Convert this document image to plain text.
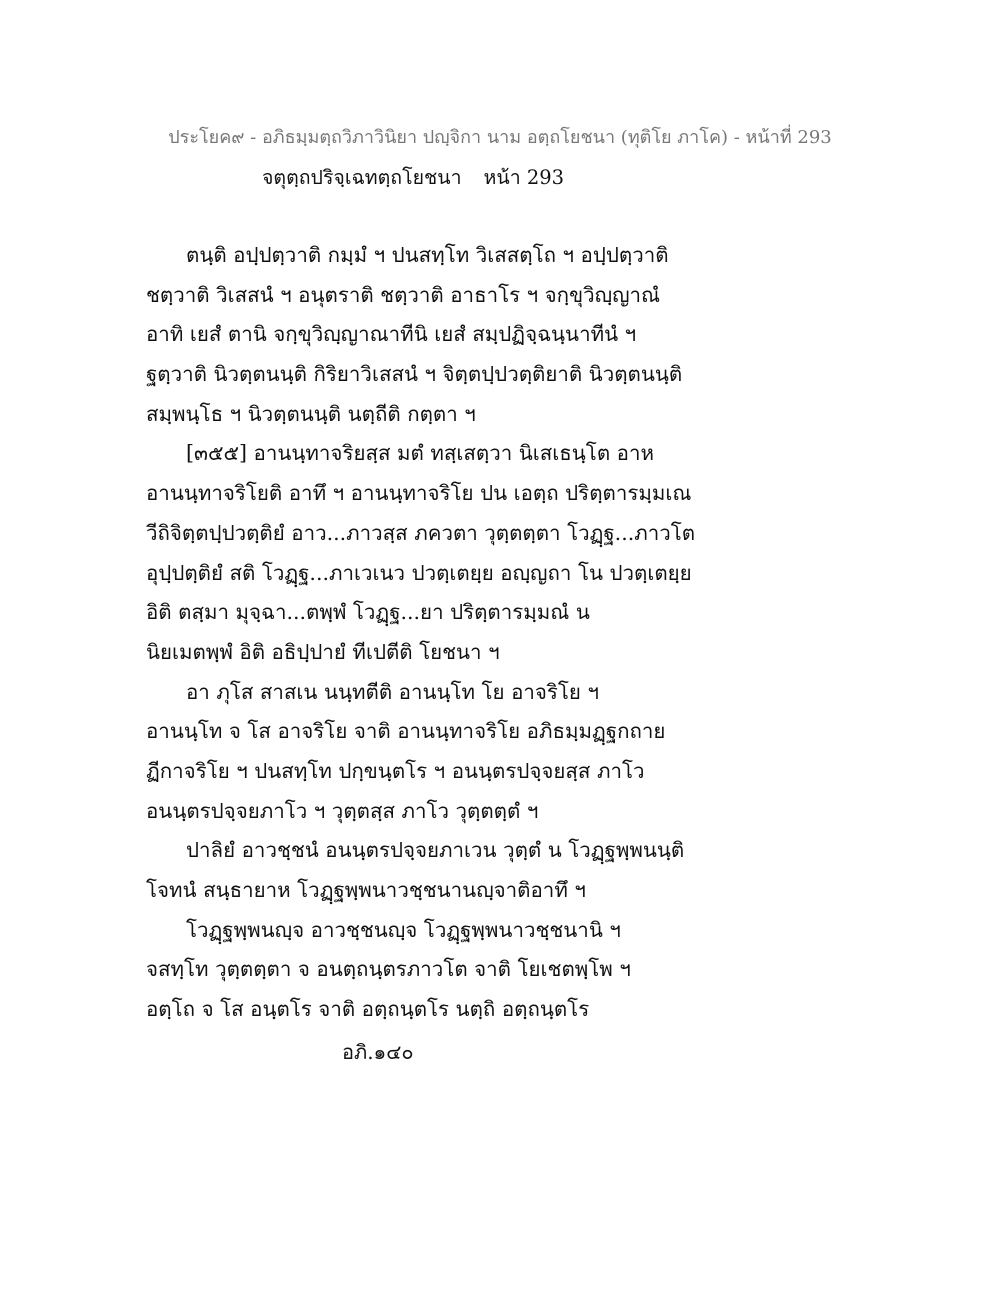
ประโยค๙ - อภิธมฺมตฺถวิภาวินิยา ปญฺจิกา นาม อตฺถโยชนา (ทุติโย ภาโค) - หน้าที่ 293
จตุตฺถปริจฺเฉทตฺถโยชนา หน้า 293
ตนฺติ อปฺปตฺวาติ กมฺมํ ฯ ปนสทฺโท วิเสสตฺโถ ฯ อปฺปตฺวาติ
ชตฺวาติ วิเสสนํ ฯ อนุตราติ ชตฺวาติ อาธาโร ฯ จกฺขุวิญฺญาณํ
อาทิ เยสํ ตานิ จกฺขุวิญฺญาณาทีนิ เยสํ สมฺปฏิจฺฉนฺนาทีนํ ฯ
ฐตฺวาติ นิวตฺตนนฺติ กิริยาวิเสสนํ ฯ จิตฺตปฺปวตฺติยาติ นิวตฺตนนฺติ
สมฺพนฺโธ ฯ นิวตฺตนนฺติ นตฺถีติ กตฺตา ฯ
[๓๕๕] อานนฺทาจริยสฺส มตํ ทสฺเสตฺวา นิเสเธนฺโต อาห
อานนฺทาจริโยติ อาทึ ฯ อานนฺทาจริโย ปน เอตฺถ ปริตฺตารมฺมเณ
วีถิจิตฺตปฺปวตฺติยํ อาว...ภาวสฺส ภควตา วุตฺตตฺตา โวฏฺฐ...ภาวโต
อุปฺปตฺติยํ สติ โวฏฺฐ...ภาเวเนว ปวตฺเตยฺย อญฺญถา โน ปวตฺเตยฺย
อิติ ตสฺมา มุจฺฉา...ตพฺพํ โวฏฺฐ...ยา ปริตฺตารมฺมณํ น
นิยเมตพฺพํ อิติ อธิปฺปายํ ทีเปตีติ โยชนา ฯ
อา ภุโส สาสเน นนฺทตีติ อานนฺโท โย อาจริโย ฯ
อานนฺโท จ โส อาจริโย จาติ อานนฺทาจริโย อภิธมฺมฏฺฐกถาย
ฏีกาจริโย ฯ ปนสทฺโท ปกฺขนฺตโร ฯ อนนฺตรปจฺจยสฺส ภาโว
อนนฺตรปจฺจยภาโว ฯ วุตฺตสฺส ภาโว วุตฺตตฺตํ ฯ
ปาลิยํ อาวชฺชนํ อนนฺตรปจฺจยภาเวน วุตฺตํ น โวฏฺฐพฺพนนฺติ
โจทนํ สนฺธายาห โวฏฺฐพฺพนาวชฺชนานญฺจาติอาทึ ฯ
โวฏฺฐพฺพนญฺจ อาวชฺชนญฺจ โวฏฺฐพฺพนาวชฺชนานิ ฯ
จสทฺโท วุตฺตตฺตา จ อนตฺถนฺตรภาวโต จาติ โยเชตพฺโพ ฯ
อตฺโถ จ โส อนฺตโร จาติ อตฺถนฺตโร นตฺถิ อตฺถนฺตโร
อภิ.๑๔๐
